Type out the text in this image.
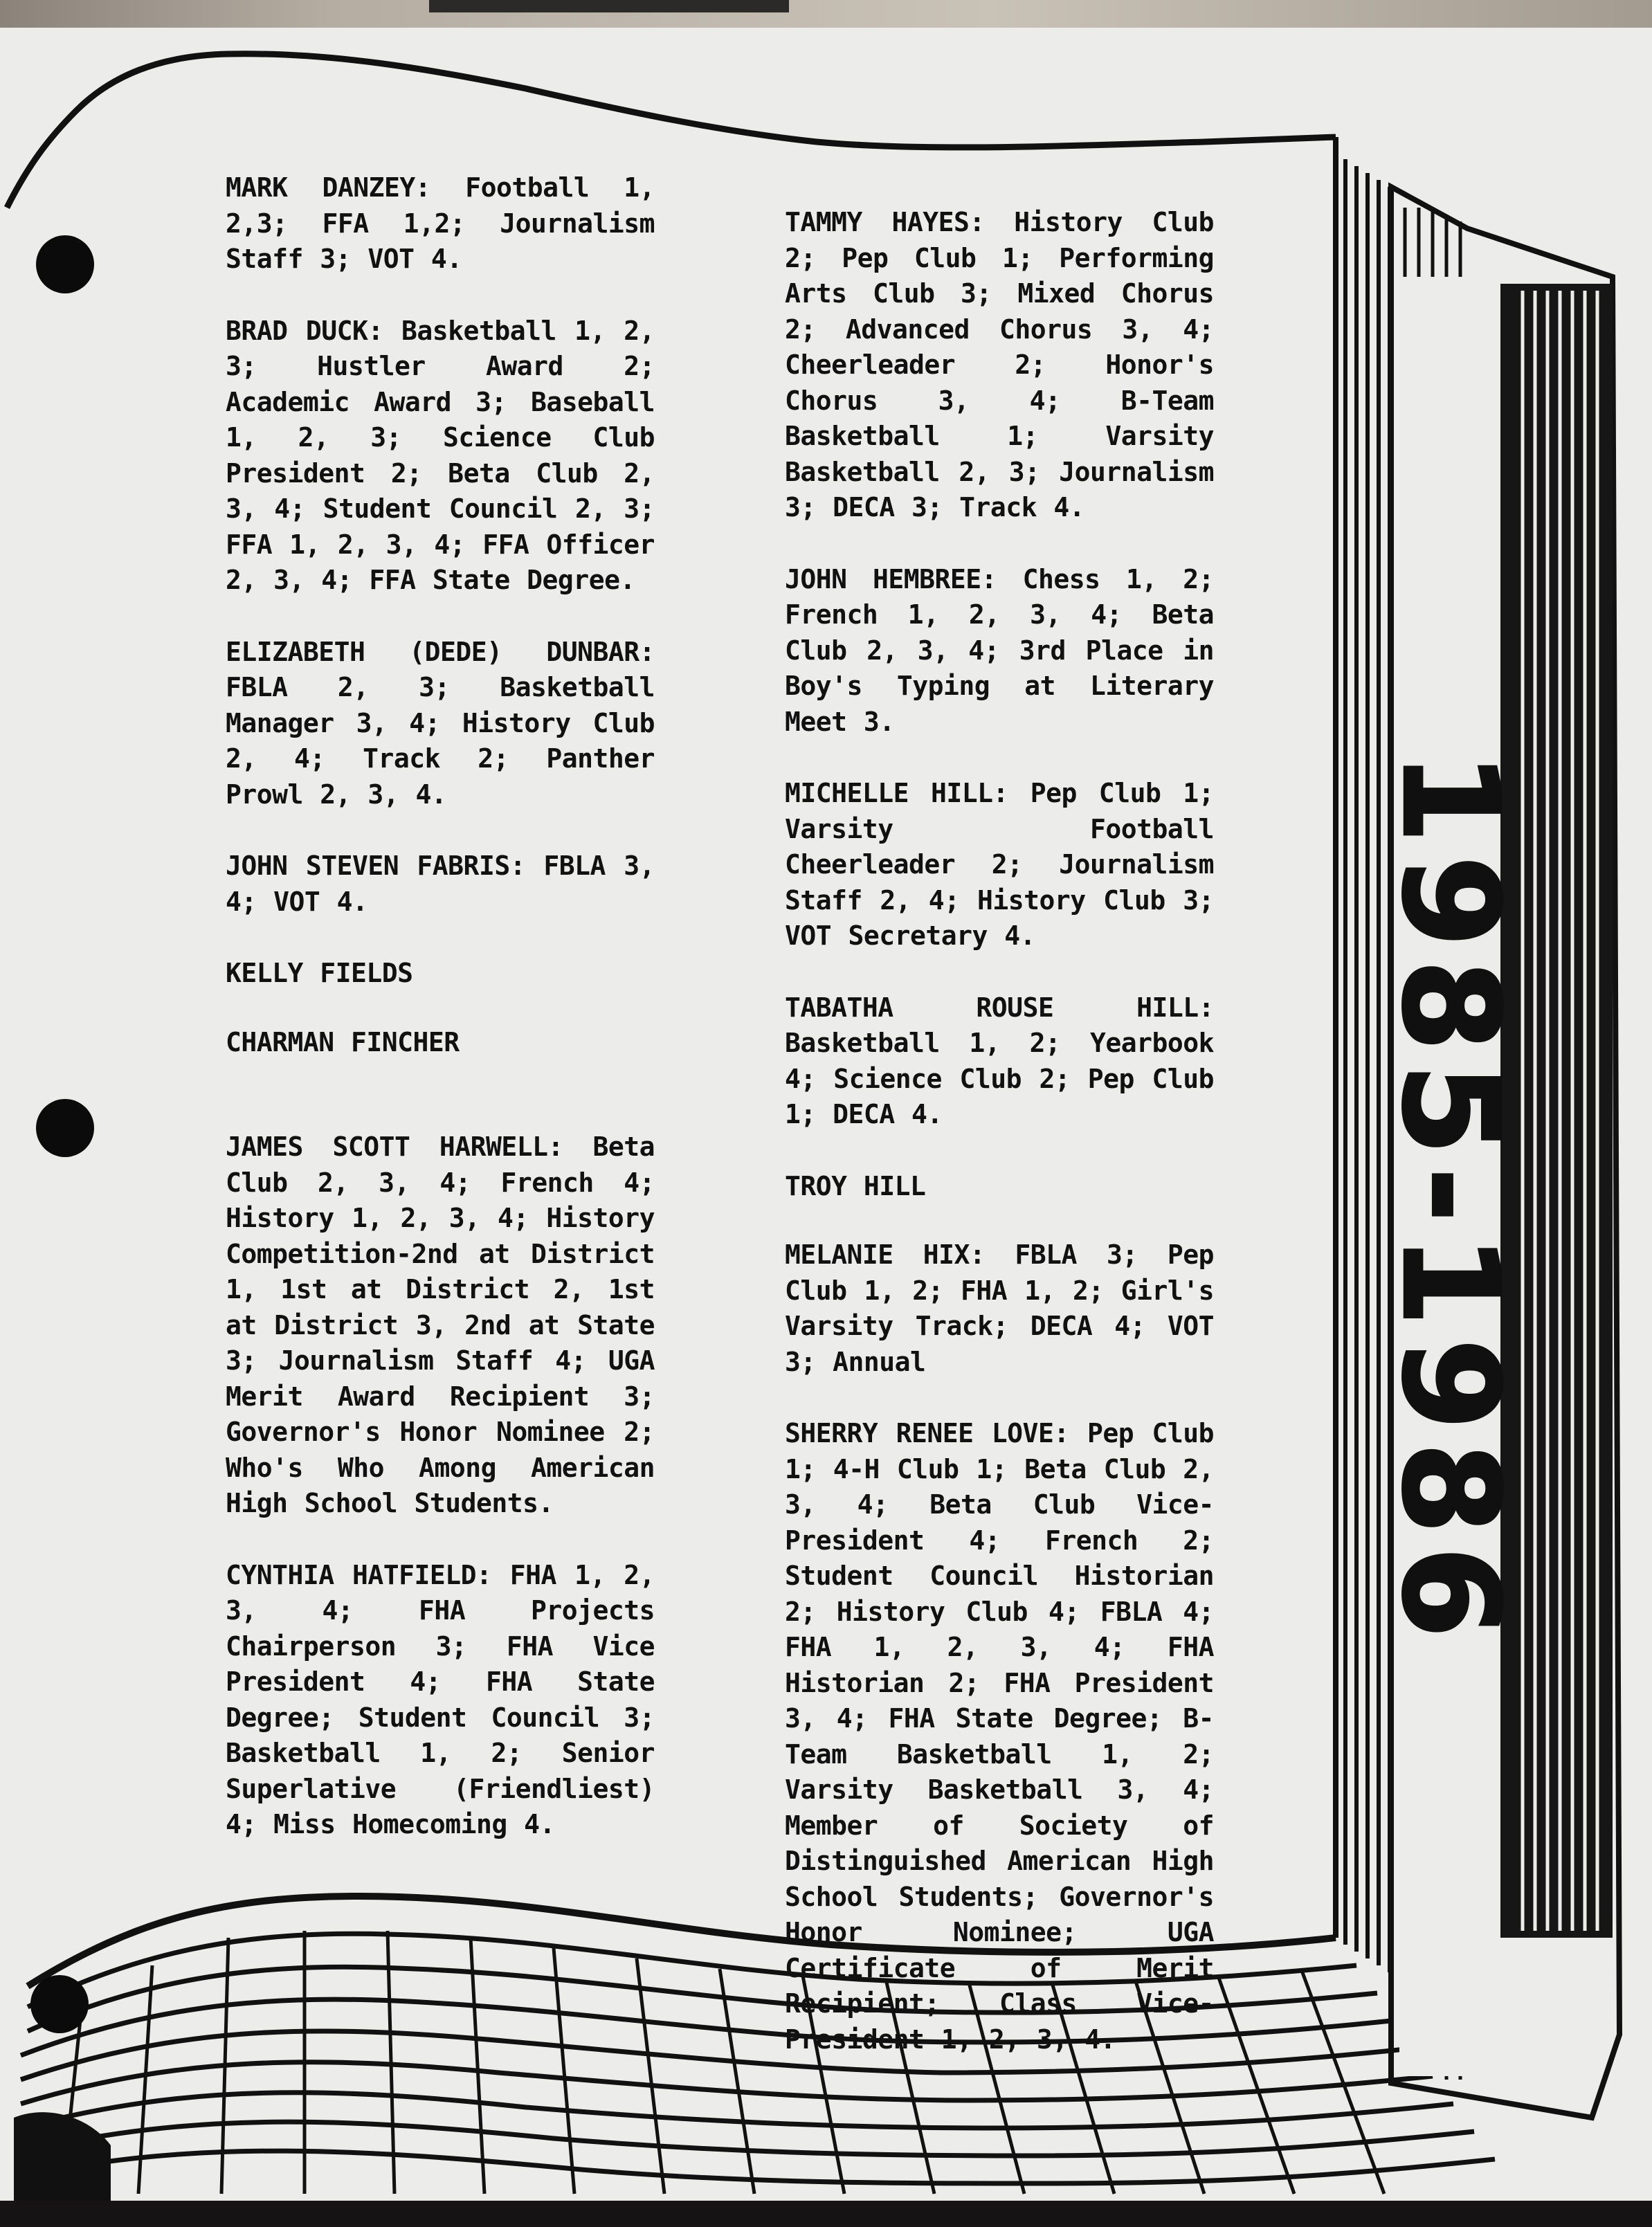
1985-1986

MARK DANZEY: Football 1, 2,3; FFA 1,2; Journalism Staff 3; VOT 4.

BRAD DUCK: Basketball 1, 2, 3; Hustler Award 2; Academic Award 3; Baseball 1, 2, 3; Science Club President 2; Beta Club 2, 3, 4; Student Council 2, 3; FFA 1, 2, 3, 4; FFA Officer 2, 3, 4; FFA State Degree.

ELIZABETH (DEDE) DUNBAR: FBLA 2, 3; Basketball Manager 3, 4; History Club 2, 4; Track 2; Panther Prowl 2, 3, 4.

JOHN STEVEN FABRIS: FBLA 3, 4; VOT 4.

KELLY FIELDS

CHARMAN FINCHER

JAMES SCOTT HARWELL: Beta Club 2, 3, 4; French 4; History 1, 2, 3, 4; History Competition-2nd at District 1, 1st at District 2, 1st at District 3, 2nd at State 3; Journalism Staff 4; UGA Merit Award Recipient 3; Governor's Honor Nominee 2; Who's Who Among American High School Students.

CYNTHIA HATFIELD: FHA 1, 2, 3, 4; FHA Projects Chairperson 3; FHA Vice President 4; FHA State Degree; Student Council 3; Basketball 1, 2; Senior Superlative (Friendliest) 4; Miss Homecoming 4.

TAMMY HAYES: History Club 2; Pep Club 1; Performing Arts Club 3; Mixed Chorus 2; Advanced Chorus 3, 4; Cheerleader 2; Honor's Chorus 3, 4; B-Team Basketball 1; Varsity Basketball 2, 3; Journalism 3; DECA 3; Track 4.

JOHN HEMBREE: Chess 1, 2; French 1, 2, 3, 4; Beta Club 2, 3, 4; 3rd Place in Boy's Typing at Literary Meet 3.

MICHELLE HILL: Pep Club 1; Varsity Football Cheerleader 2; Journalism Staff 2, 4; History Club 3; VOT Secretary 4.

TABATHA ROUSE HILL: Basketball 1, 2; Yearbook 4; Science Club 2; Pep Club 1; DECA 4.

TROY HILL

MELANIE HIX: FBLA 3; Pep Club 1, 2; FHA 1, 2; Girl's Varsity Track; DECA 4; VOT 3; Annual

SHERRY RENEE LOVE: Pep Club 1; 4-H Club 1; Beta Club 2, 3, 4; Beta Club Vice-President 4; French 2; Student Council Historian 2; History Club 4; FBLA 4; FHA 1, 2, 3, 4; FHA Historian 2; FHA President 3, 4; FHA State Degree; B-Team Basketball 1, 2; Varsity Basketball 3, 4; Member of Society of Distinguished American High School Students; Governor's Honor Nominee; UGA Certificate of Merit Recipient; Class Vice-President 1, 2, 3, 4.
